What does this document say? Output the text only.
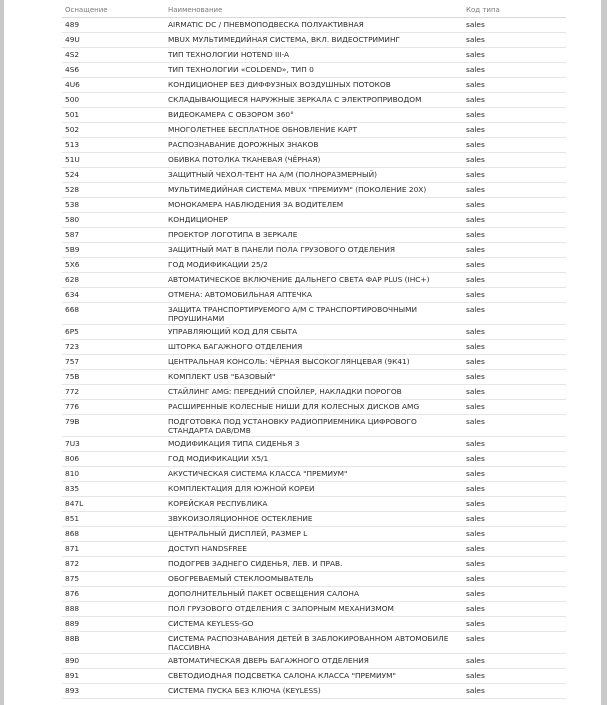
Оснащение	Наименование	Код типа
489	AIRMATIC DC / ПНЕВМОПОДВЕСКА ПОЛУАКТИВНАЯ	sales
49U	MBUX МУЛЬТИМЕДИЙНАЯ СИСТЕМА, ВКЛ. ВИДЕОСТРИМИНГ	sales
4S2	ТИП ТЕХНОЛОГИИ HOTEND III-A	sales
4S6	ТИП ТЕХНОЛОГИИ «COLDEND», ТИП 0	sales
4U6	КОНДИЦИОНЕР БЕЗ ДИФФУЗНЫХ ВОЗДУШНЫХ ПОТОКОВ	sales
500	СКЛАДЫВАЮЩИЕСЯ НАРУЖНЫЕ ЗЕРКАЛА С ЭЛЕКТРОПРИВОДОМ	sales
501	ВИДЕОКАМЕРА С ОБЗОРОМ 360°	sales
502	МНОГОЛЕТНЕЕ БЕСПЛАТНОЕ ОБНОВЛЕНИЕ КАРТ	sales
513	РАСПОЗНАВАНИЕ ДОРОЖНЫХ ЗНАКОВ	sales
51U	ОБИВКА ПОТОЛКА ТКАНЕВАЯ (ЧЁРНАЯ)	sales
524	ЗАЩИТНЫЙ ЧЕХОЛ-ТЕНТ НА А/М (ПОЛНОРАЗМЕРНЫЙ)	sales
528	МУЛЬТИМЕДИЙНАЯ СИСТЕМА MBUX "ПРЕМИУМ" (ПОКОЛЕНИЕ 20X)	sales
538	МОНОКАМЕРА НАБЛЮДЕНИЯ ЗА ВОДИТЕЛЕМ	sales
580	КОНДИЦИОНЕР	sales
587	ПРОЕКТОР ЛОГОТИПА В ЗЕРКАЛЕ	sales
5B9	ЗАЩИТНЫЙ МАТ В ПАНЕЛИ ПОЛА ГРУЗОВОГО ОТДЕЛЕНИЯ	sales
5X6	ГОД МОДИФИКАЦИИ 25/2	sales
628	АВТОМАТИЧЕСКОЕ ВКЛЮЧЕНИЕ ДАЛЬНЕГО СВЕТА ФАР PLUS (IHC+)	sales
634	ОТМЕНА: АВТОМОБИЛЬНАЯ АПТЕЧКА	sales
668	ЗАЩИТА ТРАНСПОРТИРУЕМОГО А/М С ТРАНСПОРТИРОВОЧНЫМИ ПРОУШИНАМИ	sales
6P5	УПРАВЛЯЮЩИЙ КОД ДЛЯ СБЫТА	sales
723	ШТОРКА БАГАЖНОГО ОТДЕЛЕНИЯ	sales
757	ЦЕНТРАЛЬНАЯ КОНСОЛЬ: ЧЁРНАЯ ВЫСОКОГЛЯНЦЕВАЯ (9К41)	sales
75B	КОМПЛЕКТ USB "БАЗОВЫЙ"	sales
772	СТАЙЛИНГ AMG: ПЕРЕДНИЙ СПОЙЛЕР, НАКЛАДКИ ПОРОГОВ	sales
776	РАСШИРЕННЫЕ КОЛЕСНЫЕ НИШИ ДЛЯ КОЛЕСНЫХ ДИСКОВ AMG	sales
79B	ПОДГОТОВКА ПОД УСТАНОВКУ РАДИОПРИЕМНИКА ЦИФРОВОГО СТАНДАРТА DAB/DMB	sales
7U3	МОДИФИКАЦИЯ ТИПА СИДЕНЬЯ 3	sales
806	ГОД МОДИФИКАЦИИ X5/1	sales
810	АКУСТИЧЕСКАЯ СИСТЕМА КЛАССА "ПРЕМИУМ"	sales
835	КОМПЛЕКТАЦИЯ ДЛЯ ЮЖНОЙ КОРЕИ	sales
847L	КОРЕЙСКАЯ РЕСПУБЛИКА	sales
851	ЗВУКОИЗОЛЯЦИОННОЕ ОСТЕКЛЕНИЕ	sales
868	ЦЕНТРАЛЬНЫЙ ДИСПЛЕЙ, РАЗМЕР L	sales
871	ДОСТУП HANDSFREE	sales
872	ПОДОГРЕВ ЗАДНЕГО СИДЕНЬЯ, ЛЕВ. И ПРАВ.	sales
875	ОБОГРЕВАЕМЫЙ СТЕКЛООМЫВАТЕЛЬ	sales
876	ДОПОЛНИТЕЛЬНЫЙ ПАКЕТ ОСВЕЩЕНИЯ САЛОНА	sales
888	ПОЛ ГРУЗОВОГО ОТДЕЛЕНИЯ С ЗАПОРНЫМ МЕХАНИЗМОМ	sales
889	СИСТЕМА KEYLESS-GO	sales
88B	СИСТЕМА РАСПОЗНАВАНИЯ ДЕТЕЙ В ЗАБЛОКИРОВАННОМ АВТОМОБИЛЕ ПАССИВНА	sales
890	АВТОМАТИЧЕСКАЯ ДВЕРЬ БАГАЖНОГО ОТДЕЛЕНИЯ	sales
891	СВЕТОДИОДНАЯ ПОДСВЕТКА САЛОНА КЛАССА "ПРЕМИУМ"	sales
893	СИСТЕМА ПУСКА БЕЗ КЛЮЧА (KEYLESS)	sales
